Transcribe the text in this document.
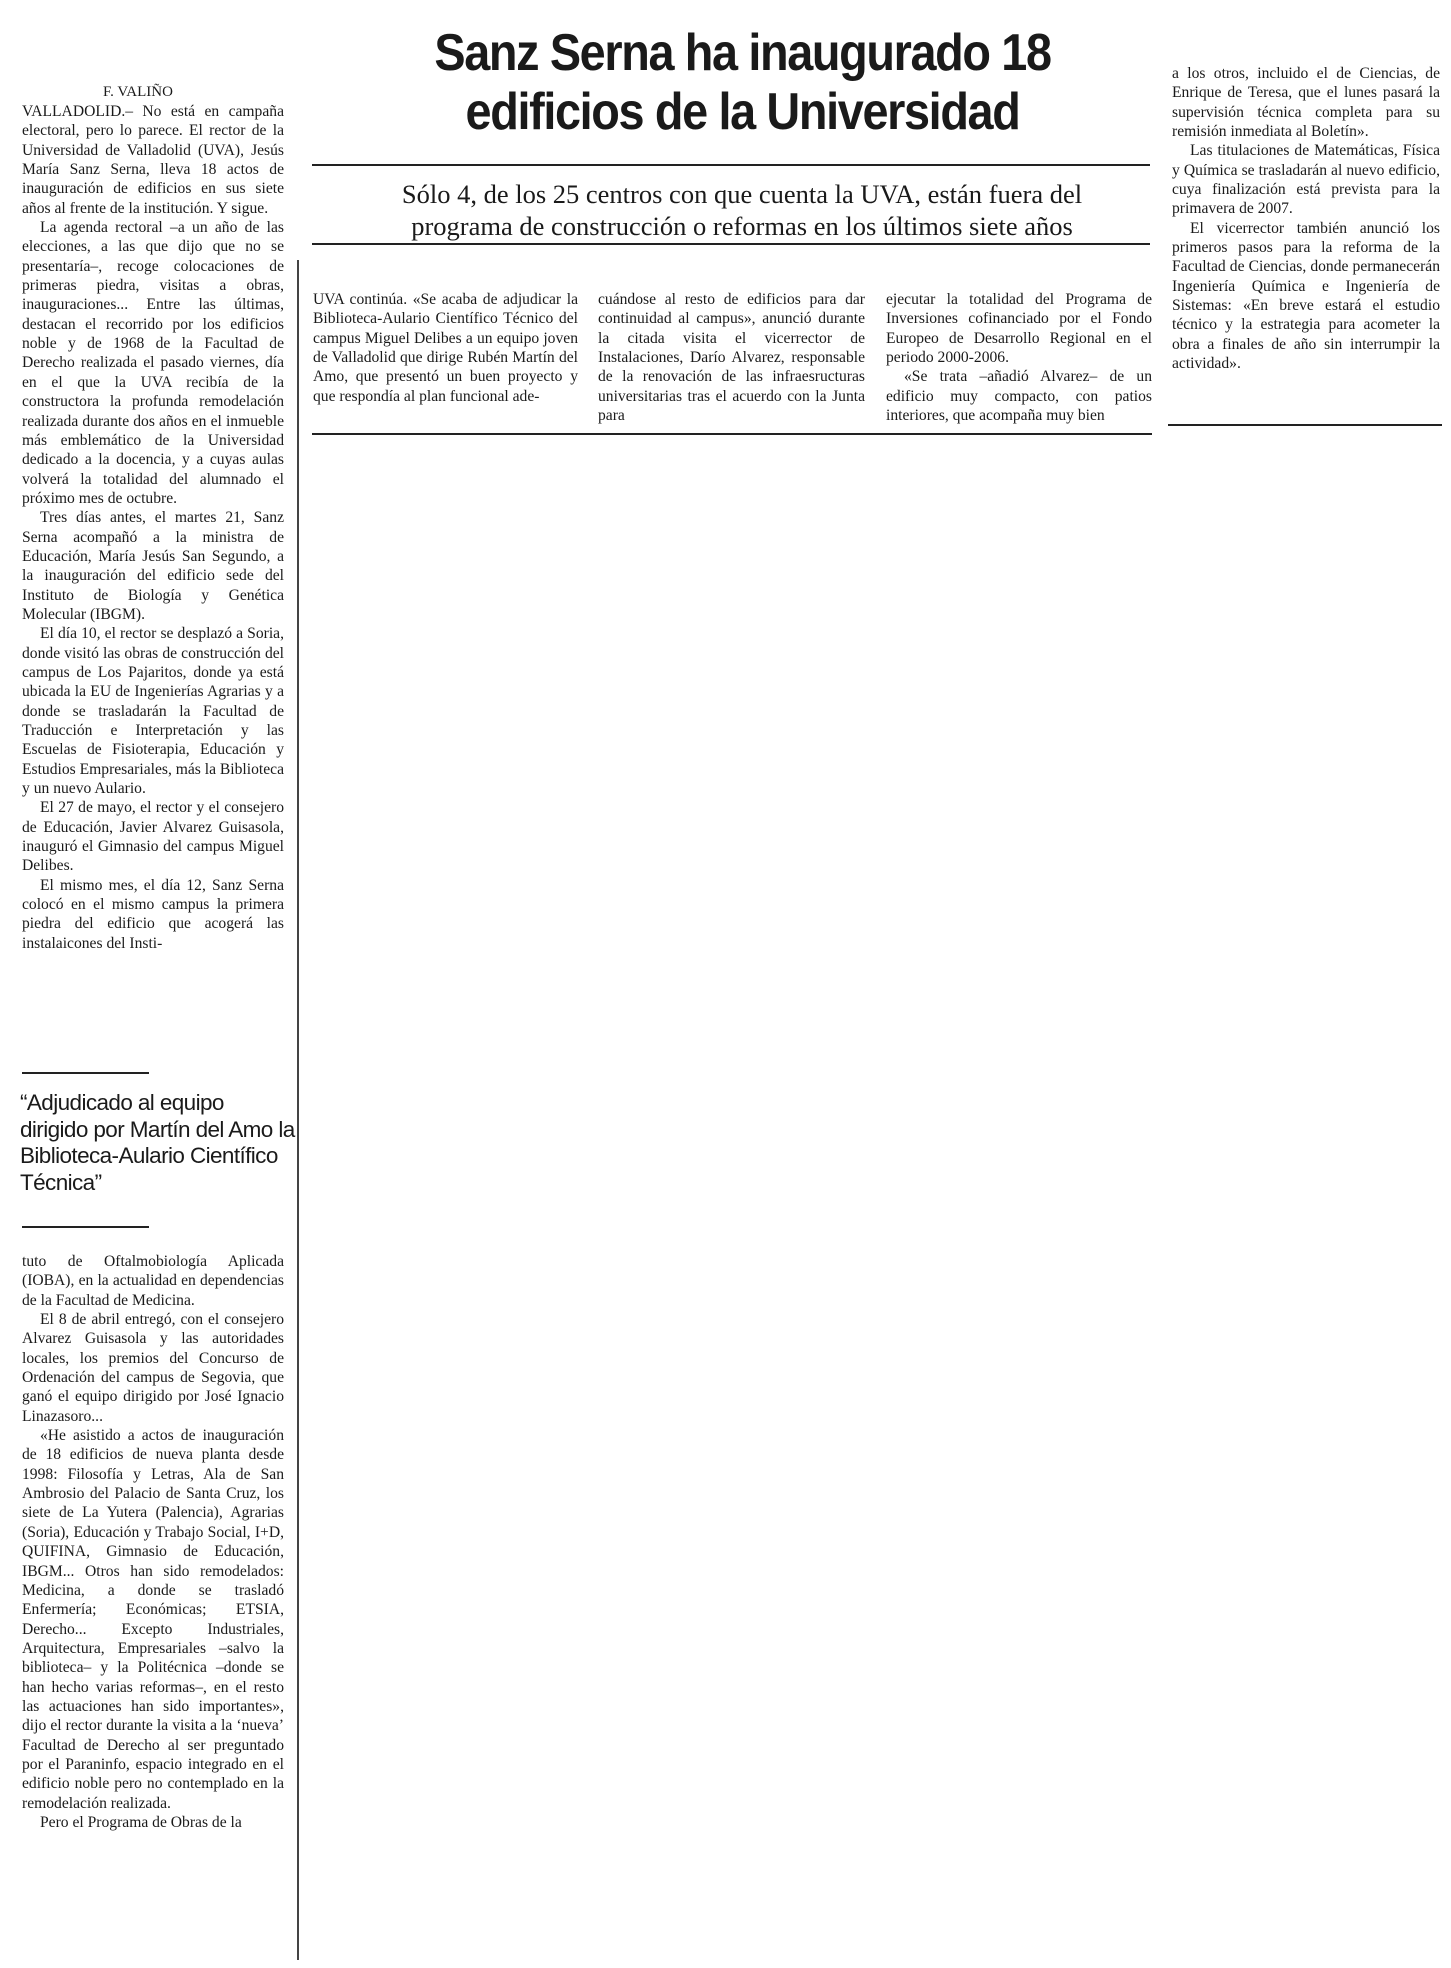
F. VALIÑO
Sanz Serna ha inaugurado 18
edificios de la Universidad
Sólo 4, de los 25 centros con que cuenta la UVA, están fuera del
programa de construcción o reformas en los últimos siete años

VALLADOLID.– No está en campaña electoral, pero lo parece. El rector de la Universidad de Valladolid (UVA), Jesús María Sanz Serna, lleva 18 actos de inauguración de edificios en sus siete años al frente de la institución. Y sigue.

La agenda rectoral –a un año de las elecciones, a las que dijo que no se presentaría–, recoge colocaciones de primeras piedra, visitas a obras, inauguraciones... Entre las últimas, destacan el recorrido por los edificios noble y de 1968 de la Facultad de Derecho realizada el pasado viernes, día en el que la UVA recibía de la constructora la profunda remodelación realizada durante dos años en el inmueble más emblemático de la Universidad dedicado a la docencia, y a cuyas aulas volverá la totalidad del alumnado el próximo mes de octubre.

Tres días antes, el martes 21, Sanz Serna acompañó a la ministra de Educación, María Jesús San Segundo, a la inauguración del edificio sede del Instituto de Biología y Genética Molecular (IBGM).

El día 10, el rector se desplazó a Soria, donde visitó las obras de construcción del campus de Los Pajaritos, donde ya está ubicada la EU de Ingenierías Agrarias y a donde se trasladarán la Facultad de Traducción e Interpretación y las Escuelas de Fisioterapia, Educación y Estudios Empresariales, más la Biblioteca y un nuevo Aulario.

El 27 de mayo, el rector y el consejero de Educación, Javier Alvarez Guisasola, inauguró el Gimnasio del campus Miguel Delibes.

El mismo mes, el día 12, Sanz Serna colocó en el mismo campus la primera piedra del edificio que acogerá las instalaicones del Insti-

“Adjudicado al equipo dirigido por Martín del Amo la Biblioteca-Aulario Científico Técnica”

tuto de Oftalmobiología Aplicada (IOBA), en la actualidad en dependencias de la Facultad de Medicina.

El 8 de abril entregó, con el consejero Alvarez Guisasola y las autoridades locales, los premios del Concurso de Ordenación del campus de Segovia, que ganó el equipo dirigido por José Ignacio Linazasoro...

«He asistido a actos de inauguración de 18 edificios de nueva planta desde 1998: Filosofía y Letras, Ala de San Ambrosio del Palacio de Santa Cruz, los siete de La Yutera (Palencia), Agrarias (Soria), Educación y Trabajo Social, I+D, QUIFINA, Gimnasio de Educación, IBGM... Otros han sido remodelados: Medicina, a donde se trasladó Enfermería; Económicas; ETSIA, Derecho... Excepto Industriales, Arquitectura, Empresariales –salvo la biblioteca– y la Politécnica –donde se han hecho varias reformas–, en el resto las actuaciones han sido importantes», dijo el rector durante la visita a la ‘nueva’ Facultad de Derecho al ser preguntado por el Paraninfo, espacio integrado en el edificio noble pero no contemplado en la remodelación realizada.

Pero el Programa de Obras de la

UVA continúa. «Se acaba de adjudicar la Biblioteca-Aulario Científico Técnico del campus Miguel Delibes a un equipo joven de Valladolid que dirige Rubén Martín del Amo, que presentó un buen proyecto y que respondía al plan funcional ade-

cuándose al resto de edificios para dar continuidad al campus», anunció durante la citada visita el vicerrector de Instalaciones, Darío Alvarez, responsable de la renovación de las infraesructuras universitarias tras el acuerdo con la Junta para

ejecutar la totalidad del Programa de Inversiones cofinanciado por el Fondo Europeo de Desarrollo Regional en el periodo 2000-2006.

«Se trata –añadió Alvarez– de un edificio muy compacto, con patios interiores, que acompaña muy bien

a los otros, incluido el de Ciencias, de Enrique de Teresa, que el lunes pasará la supervisión técnica completa para su remisión inmediata al Boletín».

Las titulaciones de Matemáticas, Física y Química se trasladarán al nuevo edificio, cuya finalización está prevista para la primavera de 2007.

El vicerrector también anunció los primeros pasos para la reforma de la Facultad de Ciencias, donde permanecerán Ingeniería Química e Ingeniería de Sistemas: «En breve estará el estudio técnico y la estrategia para acometer la obra a finales de año sin interrumpir la actividad».
